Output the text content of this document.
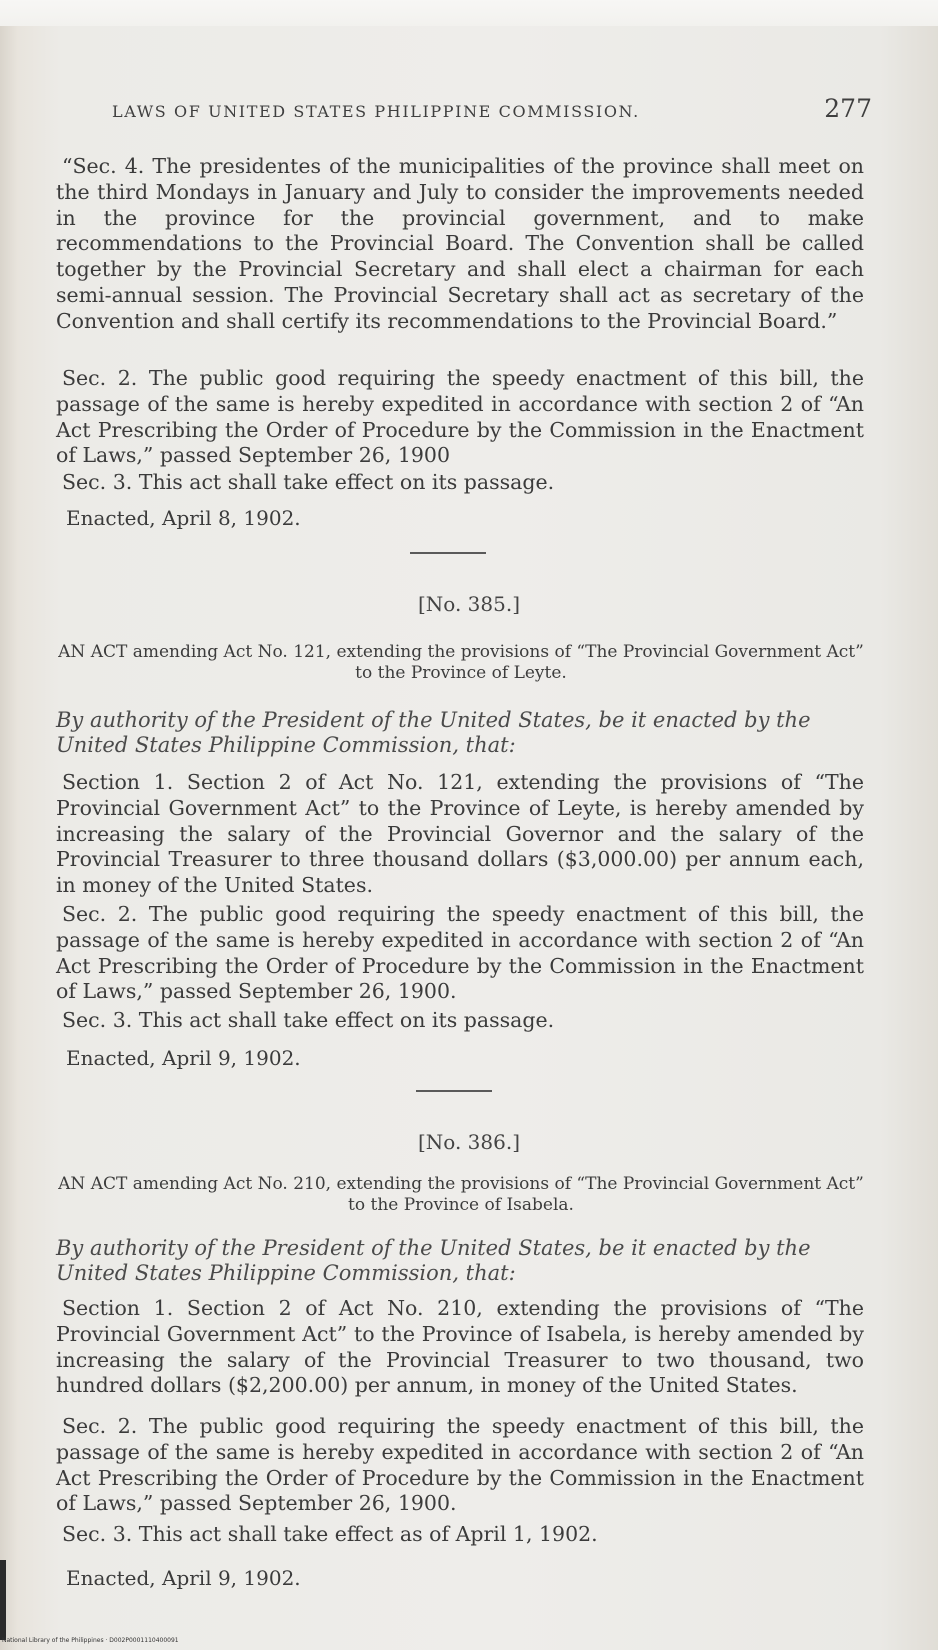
LAWS OF UNITED STATES PHILIPPINE COMMISSION.	277

“Sec. 4. The presidentes of the municipalities of the province shall meet on the third Mondays in January and July to consider the improvements needed in the province for the provincial government, and to make recommendations to the Provincial Board. The Convention shall be called together by the Provincial Secretary and shall elect a chairman for each semi-annual session. The Provincial Secretary shall act as secretary of the Convention and shall certify its recommendations to the Provincial Board.”

Sec. 2. The public good requiring the speedy enactment of this bill, the passage of the same is hereby expedited in accordance with section 2 of “An Act Prescribing the Order of Procedure by the Commission in the Enactment of Laws,” passed September 26, 1900

Sec. 3. This act shall take effect on its passage.

Enacted, April 8, 1902.
[No. 385.]
AN ACT amending Act No. 121, extending the provisions of “The Provincial Government Act” to the Province of Leyte.
By authority of the President of the United States, be it enacted by the United States Philippine Commission, that:

Section 1. Section 2 of Act No. 121, extending the provisions of “The Provincial Government Act” to the Province of Leyte, is hereby amended by increasing the salary of the Provincial Governor and the salary of the Provincial Treasurer to three thousand dollars ($3,000.00) per annum each, in money of the United States.

Sec. 2. The public good requiring the speedy enactment of this bill, the passage of the same is hereby expedited in accordance with section 2 of “An Act Prescribing the Order of Procedure by the Commission in the Enactment of Laws,” passed September 26, 1900.

Sec. 3. This act shall take effect on its passage.

Enacted, April 9, 1902.
[No. 386.]
AN ACT amending Act No. 210, extending the provisions of “The Provincial Government Act” to the Province of Isabela.
By authority of the President of the United States, be it enacted by the United States Philippine Commission, that:

Section 1. Section 2 of Act No. 210, extending the provisions of “The Provincial Government Act” to the Province of Isabela, is hereby amended by increasing the salary of the Provincial Treasurer to two thousand, two hundred dollars ($2,200.00) per annum, in money of the United States.

Sec. 2. The public good requiring the speedy enactment of this bill, the passage of the same is hereby expedited in accordance with section 2 of “An Act Prescribing the Order of Procedure by the Commission in the Enactment of Laws,” passed September 26, 1900.

Sec. 3. This act shall take effect as of April 1, 1902.

Enacted, April 9, 1902.
National Library of the Philippines · D002P0001110400091
